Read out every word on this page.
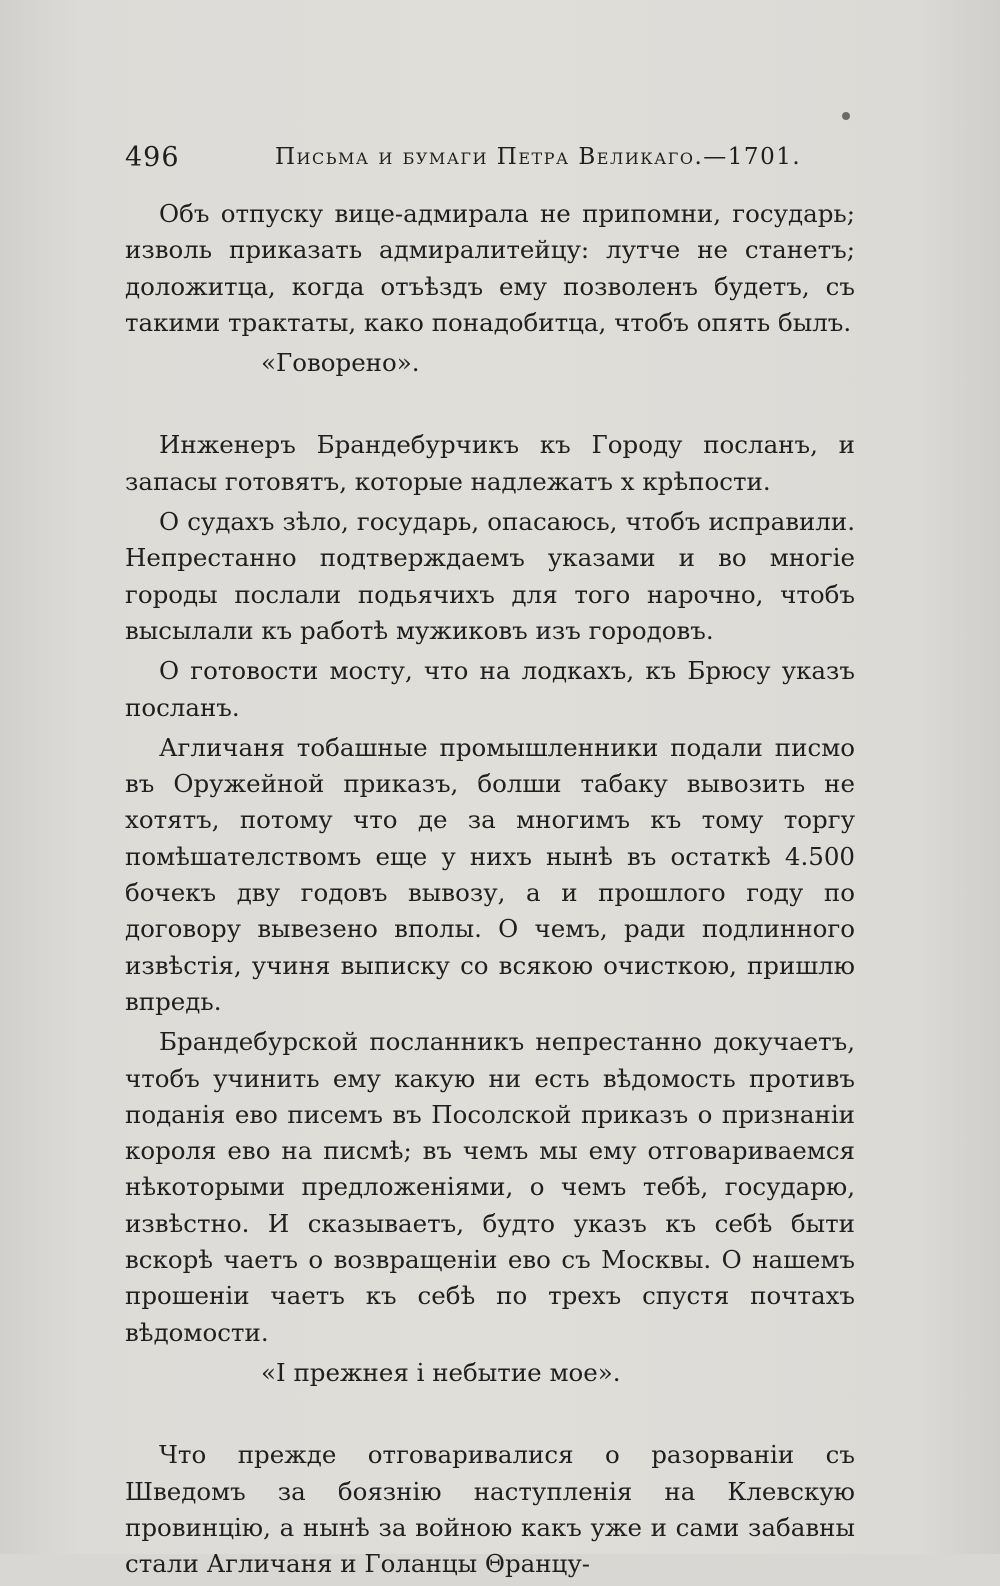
496	Письма и бумаги Петра Великаго.—1701.

Объ отпуску вице-адмирала не припомни, государь; изволь приказать адмиралитейцу: лутче не станетъ; доложитца, когда отъѣздъ ему позволенъ будетъ, съ такими трактаты, како понадобитца, чтобъ опять былъ.

«Говорено».

Инженеръ Брандебурчикъ къ Городу посланъ, и запасы готовятъ, которые надлежатъ х крѣпости.

О судахъ зѣло, государь, опасаюсь, чтобъ исправили. Непрестанно подтверждаемъ указами и во многіе городы послали подьячихъ для того нарочно, чтобъ высылали къ работѣ мужиковъ изъ городовъ.

О готовости мосту, что на лодкахъ, къ Брюсу указъ посланъ.

Агличаня тобашные промышленники подали писмо въ Оружейной приказъ, болши табаку вывозить не хотятъ, потому что де за многимъ къ тому торгу помѣшателствомъ еще у нихъ нынѣ въ остаткѣ 4.500 бочекъ дву годовъ вывозу, а и прошлого году по договору вывезено вполы. О чемъ, ради подлинного извѣстія, учиня выписку со всякою очисткою, пришлю впредь.

Брандебурской посланникъ непрестанно докучаетъ, чтобъ учинить ему какую ни есть вѣдомость противъ поданія ево писемъ въ Посолской приказъ о признаніи короля ево на писмѣ; въ чемъ мы ему отговариваемся нѣкоторыми предложеніями, о чемъ тебѣ, государю, извѣстно. И сказываетъ, будто указъ къ себѣ быти вскорѣ чаетъ о возвращеніи ево съ Москвы. О нашемъ прошеніи чаетъ къ себѣ по трехъ спустя почтахъ вѣдомости.

«I прежнея і небытие мое».

Что прежде отговаривалися о разорваніи съ Шведомъ за боязнію наступленія на Клевскую провинцію, а нынѣ за войною какъ уже и сами забавны стали Агличаня и Голанцы Θранцу-
